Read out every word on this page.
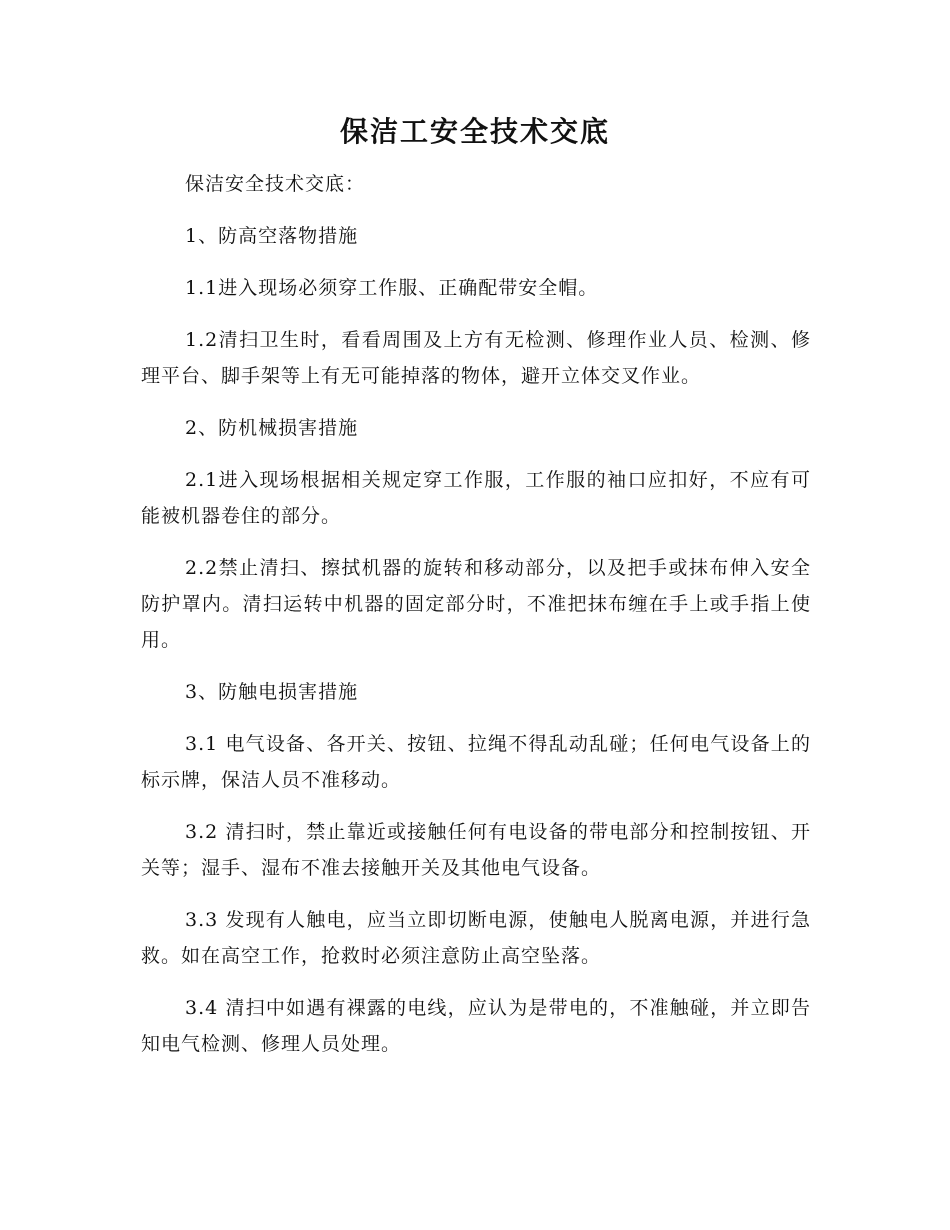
保洁工安全技术交底

保洁安全技术交底：

1、防高空落物措施

1.1进入现场必须穿工作服、正确配带安全帽。

1.2清扫卫生时，看看周围及上方有无检测、修理作业人员、检测、修理平台、脚手架等上有无可能掉落的物体，避开立体交叉作业。

2、防机械损害措施

2.1进入现场根据相关规定穿工作服，工作服的袖口应扣好，不应有可能被机器卷住的部分。

2.2禁止清扫、擦拭机器的旋转和移动部分，以及把手或抹布伸入安全防护罩内。清扫运转中机器的固定部分时，不准把抹布缠在手上或手指上使用。

3、防触电损害措施

3.1 电气设备、各开关、按钮、拉绳不得乱动乱碰；任何电气设备上的标示牌，保洁人员不准移动。

3.2 清扫时，禁止靠近或接触任何有电设备的带电部分和控制按钮、开关等；湿手、湿布不准去接触开关及其他电气设备。

3.3 发现有人触电，应当立即切断电源，使触电人脱离电源，并进行急救。如在高空工作，抢救时必须注意防止高空坠落。

3.4 清扫中如遇有裸露的电线，应认为是带电的，不准触碰，并立即告知电气检测、修理人员处理。
